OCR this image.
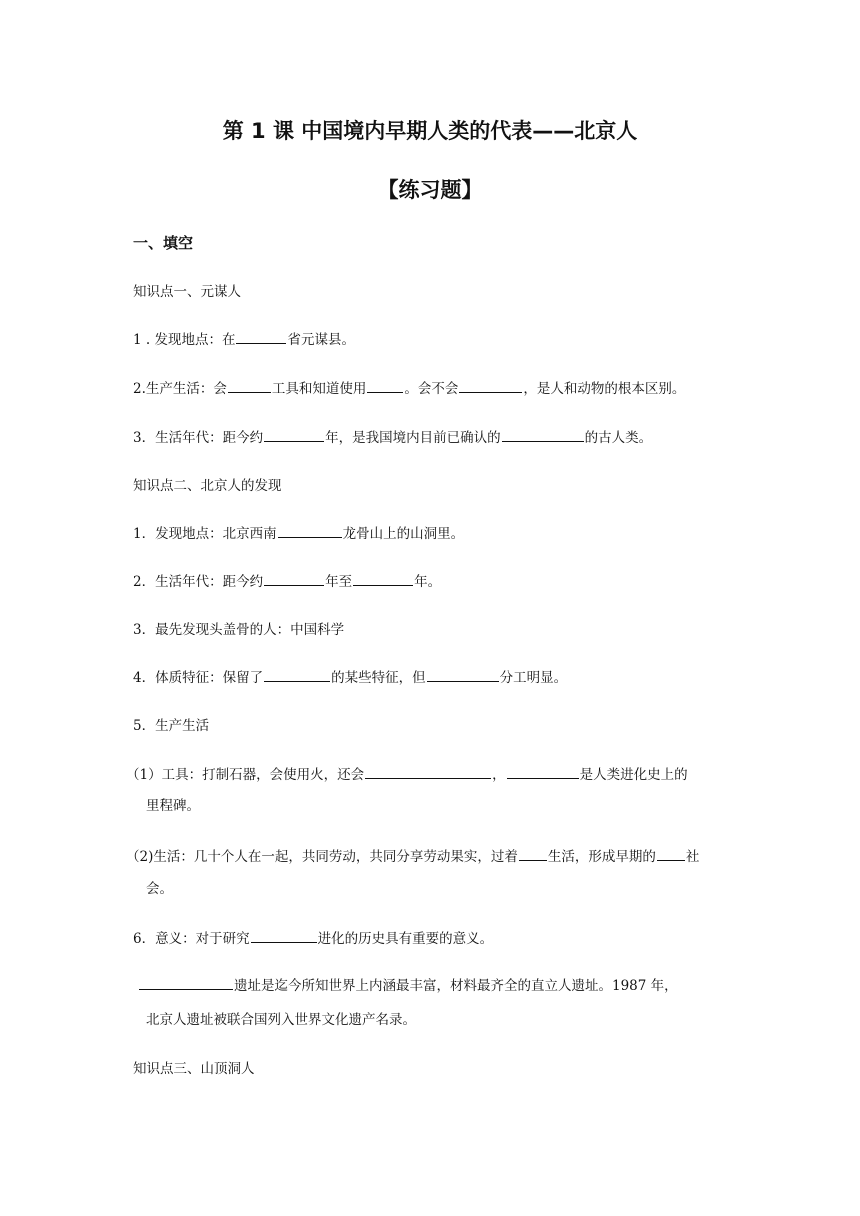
第 1 课 中国境内早期人类的代表——北京人
【练习题】
一、填空
知识点一、元谋人
1 . 发现地点：在	省元谋县。
2.生产生活：会	工具和知道使用	。会不会	，是人和动物的根本区别。
3．生活年代：距今约	年，是我国境内目前已确认的	的古人类。
知识点二、北京人的发现
1．发现地点：北京西南	龙骨山上的山洞里。
2．生活年代：距今约	年至	年。
3．最先发现头盖骨的人：中国科学
4．体质特征：保留了	的某些特征，但	分工明显。
5．生产生活
（1）工具：打制石器，会使用火，还会	，	是人类进化史上的
里程碑。
（2)生活：几十个人在一起，共同劳动，共同分享劳动果实，过着 生活，形成早期的 社
会。
6．意义：对于研究	进化的历史具有重要的意义。
遗址是迄今所知世界上内涵最丰富，材料最齐全的直立人遗址。1987 年，
北京人遗址被联合国列入世界文化遗产名录。
知识点三、山顶洞人
